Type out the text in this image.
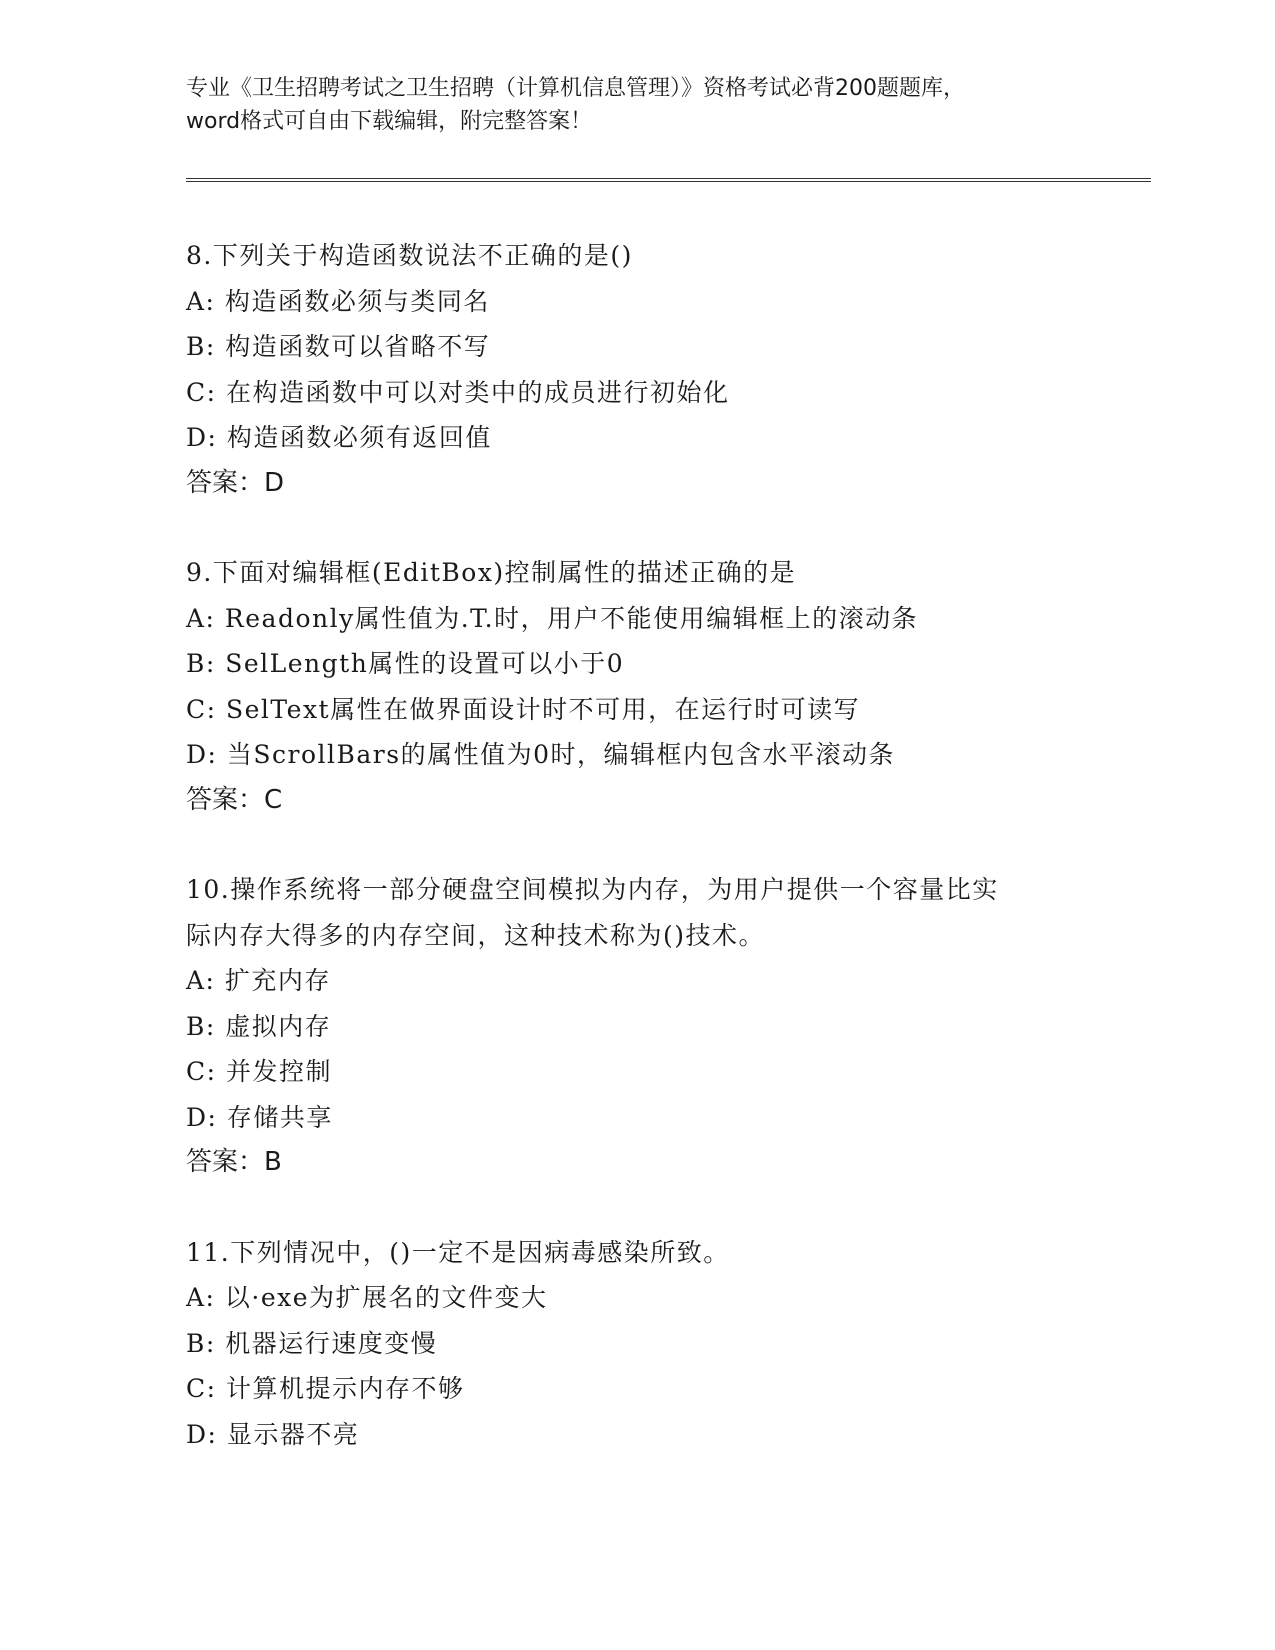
专业《卫生招聘考试之卫生招聘（计算机信息管理）》资格考试必背200题题库，
word格式可自由下载编辑，附完整答案！
8.下列关于构造函数说法不正确的是()
A: 构造函数必须与类同名
B: 构造函数可以省略不写
C: 在构造函数中可以对类中的成员进行初始化
D: 构造函数必须有返回值
答案：D
9.下面对编辑框(EditBox)控制属性的描述正确的是
A: Readonly属性值为.T.时，用户不能使用编辑框上的滚动条
B: SelLength属性的设置可以小于0
C: SelText属性在做界面设计时不可用，在运行时可读写
D: 当ScrollBars的属性值为0时，编辑框内包含水平滚动条
答案：C
10.操作系统将一部分硬盘空间模拟为内存，为用户提供一个容量比实
际内存大得多的内存空间，这种技术称为()技术。
A: 扩充内存
B: 虚拟内存
C: 并发控制
D: 存储共享
答案：B
11.下列情况中，()一定不是因病毒感染所致。
A: 以·exe为扩展名的文件变大
B: 机器运行速度变慢
C: 计算机提示内存不够
D: 显示器不亮
